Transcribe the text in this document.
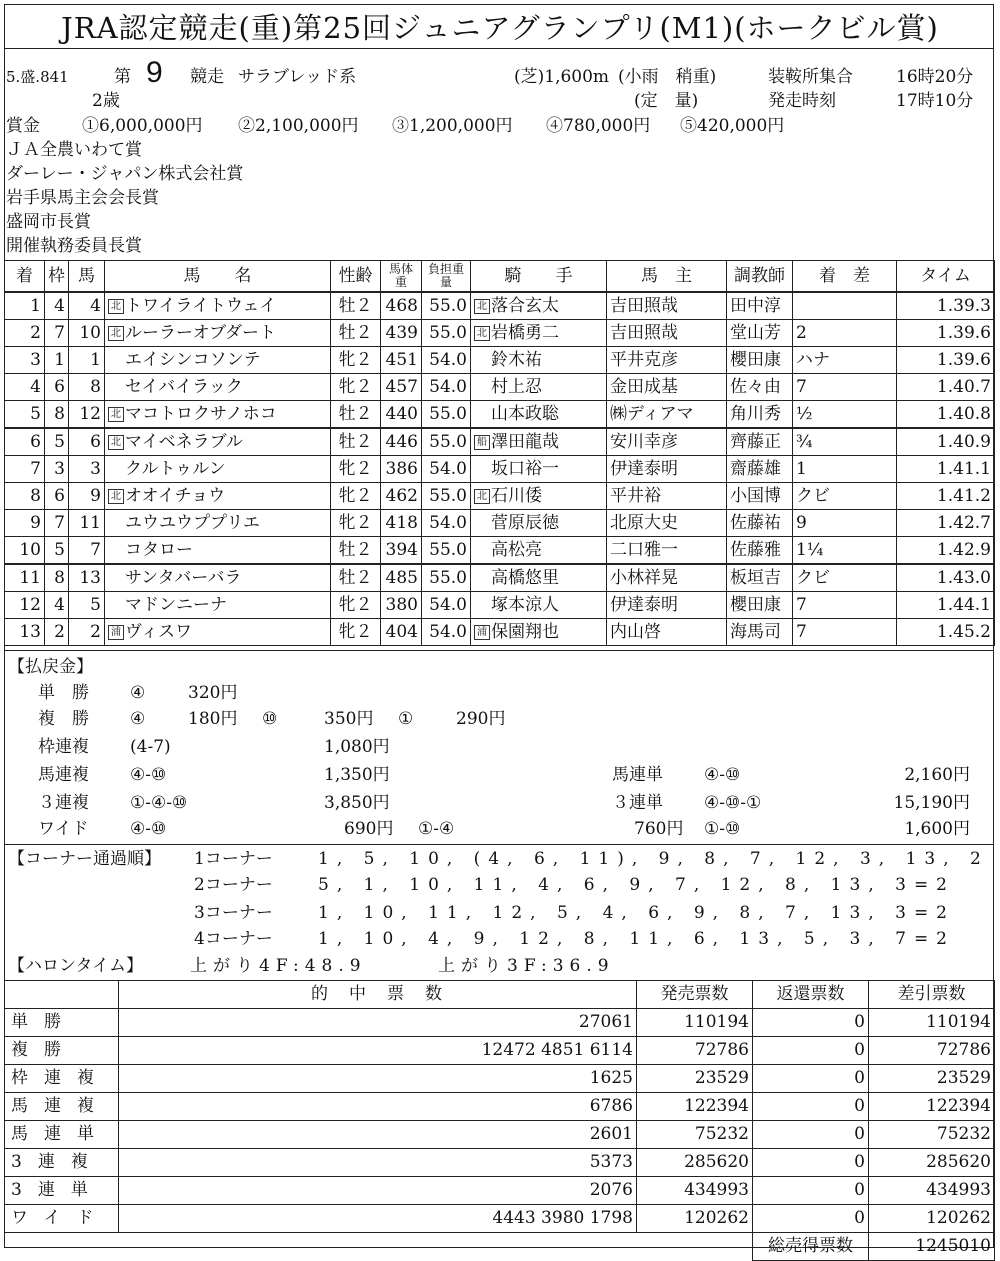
JRA認定競走(重)第25回ジュニアグランプリ(M1)(ホークビル賞)
5.盛.841	第 9 競走 サラブレッド系
2歳
(芝)1,600m (小雨　稍重)
(定　量)
装鞍所集合	16時20分
発走時刻	17時10分
賞金 ①6,000,000円 ②2,100,000円 ③1,200,000円 ④780,000円 ⑤420,000円
ＪＡ全農いわて賞
ダーレー・ジャパン株式会社賞
岩手県馬主会会長賞
盛岡市長賞
開催執務委員長賞
着	枠	馬	馬　　名	性齢	馬体重	負担重量	騎　　手	馬　主	調教師	着　差	タイム
1	4	4	北 トワイライトウェイ	牡２	468	55.0	北 落合玄太	吉田照哉	田中淳		1.39.3
2	7	10	北 ルーラーオブダート	牡２	439	55.0	北 岩橋勇二	吉田照哉	堂山芳	2	1.39.6
3	1	1	エイシンコソンテ	牝２	451	54.0	鈴木祐	平井克彦	櫻田康	ハナ	1.39.6
4	6	8	セイバイラック	牝２	457	54.0	村上忍	金田成基	佐々由	7	1.40.7
5	8	12	北 マコトロクサノホコ	牡２	440	55.0	山本政聡	㈱ディアマ	角川秀	½	1.40.8
6	5	6	北 マイベネラブル	牡２	446	55.0	船 澤田龍哉	安川幸彦	齊藤正	¾	1.40.9
7	3	3	クルトゥルン	牝２	386	54.0	坂口裕一	伊達泰明	齋藤雄	1	1.41.1
8	6	9	北 オオイチョウ	牝２	462	55.0	北 石川倭	平井裕	小国博	クビ	1.41.2
9	7	11	ユウユウププリエ	牝２	418	54.0	菅原辰徳	北原大史	佐藤祐	9	1.42.7
10	5	7	コタロー	牡２	394	55.0	高松亮	二口雅一	佐藤雅	1¼	1.42.9
11	8	13	サンタバーバラ	牡２	485	55.0	高橋悠里	小林祥晃	板垣吉	クビ	1.43.0
12	4	5	マドンニーナ	牝２	380	54.0	塚本涼人	伊達泰明	櫻田康	7	1.44.1
13	2	2	浦 ヴィスワ	牝２	404	54.0	浦 保園翔也	内山啓	海馬司	7	1.45.2
【払戻金】
単　勝 ④	320円
複　勝 ④	180円 ⑩	350円 ①	290円
枠連複 (4-7)	1,080円
馬連複 ④-⑩	1,350円	馬連単 ④-⑩	2,160円
３連複 ①-④-⑩	3,850円	３連単 ④-⑩-①	15,190円
ワイド ④-⑩	690円 ①-④	760円 ①-⑩	1,600円
【コーナー通過順】 1コーナー	1, 5, 10, (4, 6, 11), 9, 8, 7, 12, 3, 13, 2
2コーナー	5, 1, 10, 11, 4, 6, 9, 7, 12, 8, 13, 3=2
3コーナー	1, 10, 11, 12, 5, 4, 6, 9, 8, 7, 13, 3=2
4コーナー	1, 10, 4, 9, 12, 8, 11, 6, 13, 5, 3, 7=2
【ハロンタイム】	上がり4F:48.9	上がり3F:36.9
	的　中　票　数	発売票数	返還票数	差引票数
単勝	27061	110194	0	110194
複勝	12472 4851 6114	72786	0	72786
枠連複	1625	23529	0	23529
馬連複	6786	122394	0	122394
馬連単	2601	75232	0	75232
3連複	5373	285620	0	285620
3連単	2076	434993	0	434993
ワイド	4443 3980 1798	120262	0	120262
			総売得票数	1245010
